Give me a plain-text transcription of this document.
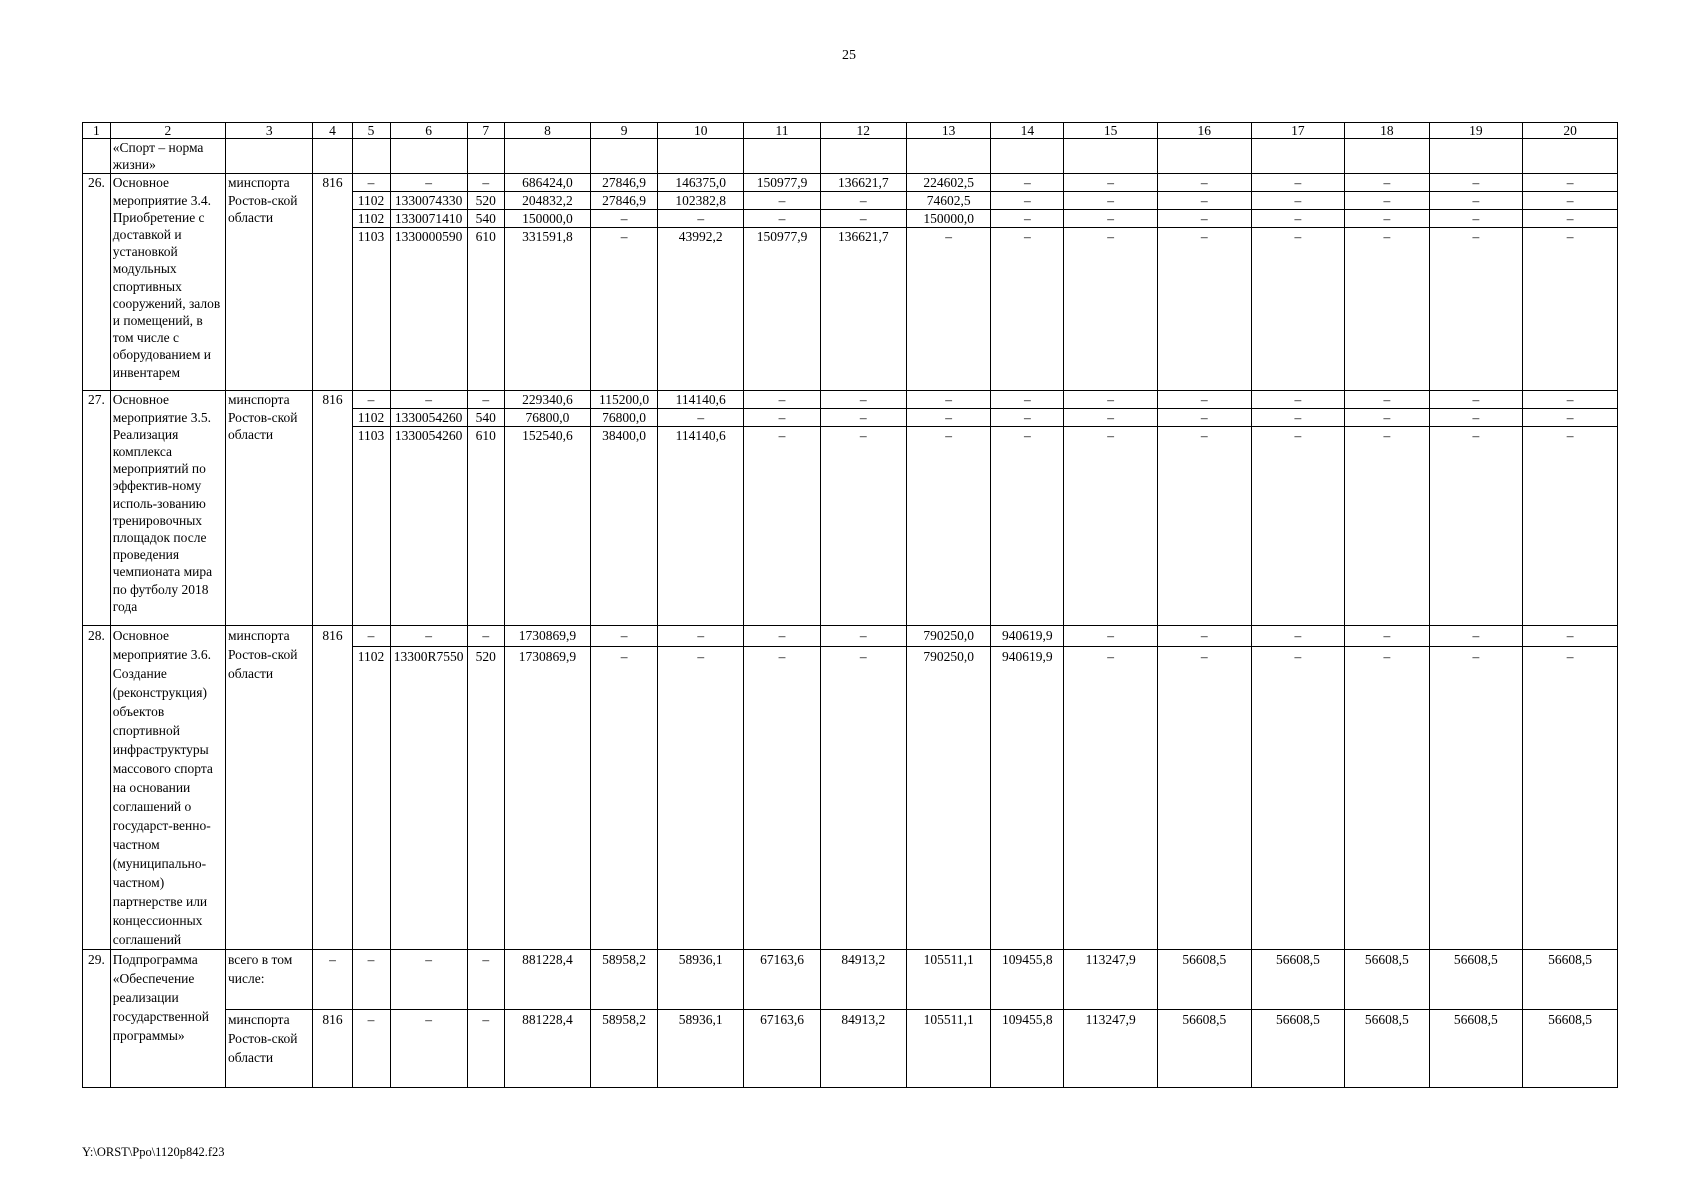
25
1	2	3	4	5	6	7	8	9	10	11	12	13	14	15	16	17	18	19	20
	«Спорт – норма жизни»																		
26.	Основное мероприятие 3.4. Приобретение с доставкой и установкой модульных спортивных сооружений, залов и помещений, в том числе с оборудованием и инвентарем	минспорта Ростов-ской области	816	–	–	–	686424,0	27846,9	146375,0	150977,9	136621,7	224602,5	–	–	–	–	–	–	–
				1102	1330074330	520	204832,2	27846,9	102382,8	–	–	74602,5	–	–	–	–	–	–	–
				1102	1330071410	540	150000,0	–	–	–	–	150000,0	–	–	–	–	–	–	–
				1103	1330000590	610	331591,8	–	43992,2	150977,9	136621,7	–	–	–	–	–	–	–	–
27.	Основное мероприятие 3.5. Реализация комплекса мероприятий по эффектив-ному исполь-зованию тренировочных площадок после проведения чемпионата мира по футболу 2018 года	минспорта Ростов-ской области	816	–	–	–	229340,6	115200,0	114140,6	–	–	–	–	–	–	–	–	–	–
				1102	1330054260	540	76800,0	76800,0	–	–	–	–	–	–	–	–	–	–	–
				1103	1330054260	610	152540,6	38400,0	114140,6	–	–	–	–	–	–	–	–	–	–
28.	Основное мероприятие 3.6. Создание (реконструкция) объектов спортивной инфраструктуры массового спорта на основании соглашений о государст-венно-частном (муниципально-частном) партнерстве или концессионных соглашений	минспорта Ростов-ской области	816	–	–	–	1730869,9	–	–	–	–	790250,0	940619,9	–	–	–	–	–	–
				1102	13300R7550	520	1730869,9	–	–	–	–	790250,0	940619,9	–	–	–	–	–	–
29.	Подпрограмма «Обеспечение реализации государственной программы»	всего в том числе:	–	–	–	–	881228,4	58958,2	58936,1	67163,6	84913,2	105511,1	109455,8	113247,9	56608,5	56608,5	56608,5	56608,5	56608,5
		минспорта Ростов-ской области	816	–	–	–	881228,4	58958,2	58936,1	67163,6	84913,2	105511,1	109455,8	113247,9	56608,5	56608,5	56608,5	56608,5	56608,5
Y:\ORST\Ppo\1120p842.f23
